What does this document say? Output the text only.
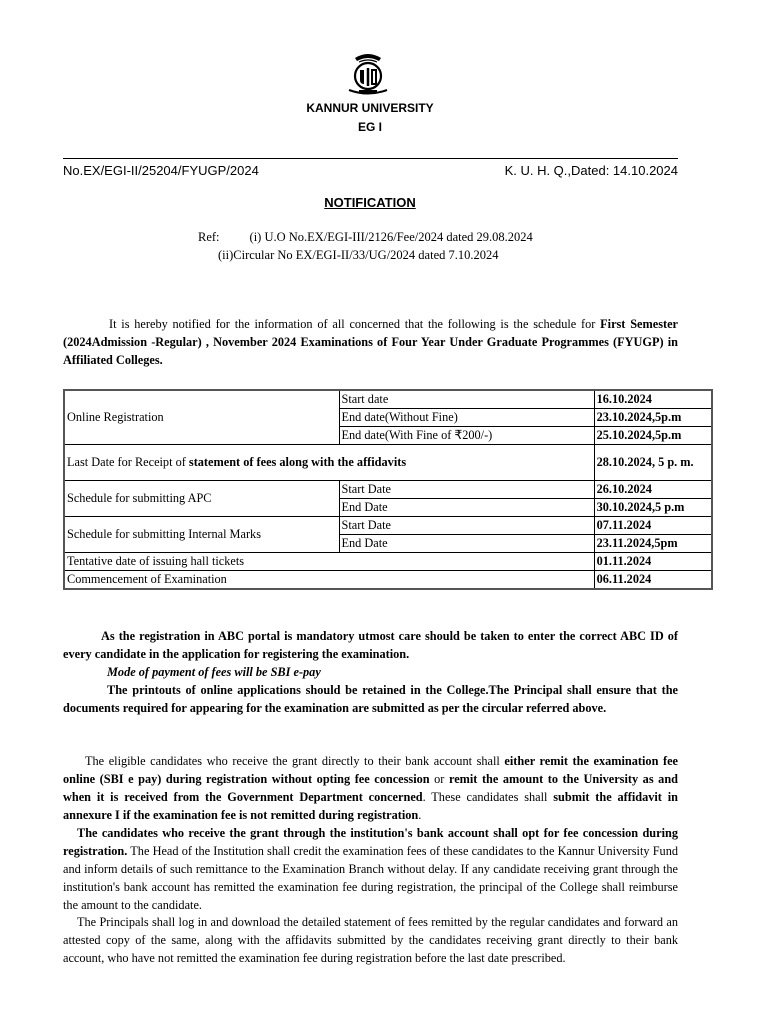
KANNUR UNIVERSITY
EG I
No.EX/EGI-II/25204/FYUGP/2024	K. U. H. Q.,Dated: 14.10.2024
NOTIFICATION
Ref: (i) U.O No.EX/EGI-III/2126/Fee/2024 dated 29.08.2024
(ii)Circular No EX/EGI-II/33/UG/2024 dated 7.10.2024
It is hereby notified for the information of all concerned that the following is the schedule for First Semester (2024Admission -Regular) , November 2024 Examinations of Four Year Under Graduate Programmes (FYUGP) in Affiliated Colleges.
Online Registration	Start date	16.10.2024
	End date(Without Fine)	23.10.2024,5p.m
	End date(With Fine of ₹200/-)	25.10.2024,5p.m
Last Date for Receipt of statement of fees along with the affidavits		28.10.2024, 5 p. m.
Schedule for submitting APC	Start Date	26.10.2024
	End Date	30.10.2024,5 p.m
Schedule for submitting Internal Marks	Start Date	07.11.2024
	End Date	23.11.2024,5pm
Tentative date of issuing hall tickets		01.11.2024
Commencement of Examination		06.11.2024
As the registration in ABC portal is mandatory utmost care should be taken to enter the correct ABC ID of every candidate in the application for registering the examination.
Mode of payment of fees will be SBI e-pay
The printouts of online applications should be retained in the College.The Principal shall ensure that the documents required for appearing for the examination are submitted as per the circular referred above.
The eligible candidates who receive the grant directly to their bank account shall either remit the examination fee online (SBI e pay) during registration without opting fee concession or remit the amount to the University as and when it is received from the Government Department concerned. These candidates shall submit the affidavit in annexure I if the examination fee is not remitted during registration.
The candidates who receive the grant through the institution's bank account shall opt for fee concession during registration. The Head of the Institution shall credit the examination fees of these candidates to the Kannur University Fund and inform details of such remittance to the Examination Branch without delay. If any candidate receiving grant through the institution's bank account has remitted the examination fee during registration, the principal of the College shall reimburse the amount to the candidate.
The Principals shall log in and download the detailed statement of fees remitted by the regular candidates and forward an attested copy of the same, along with the affidavits submitted by the candidates receiving grant directly to their bank account, who have not remitted the examination fee during registration before the last date prescribed.
